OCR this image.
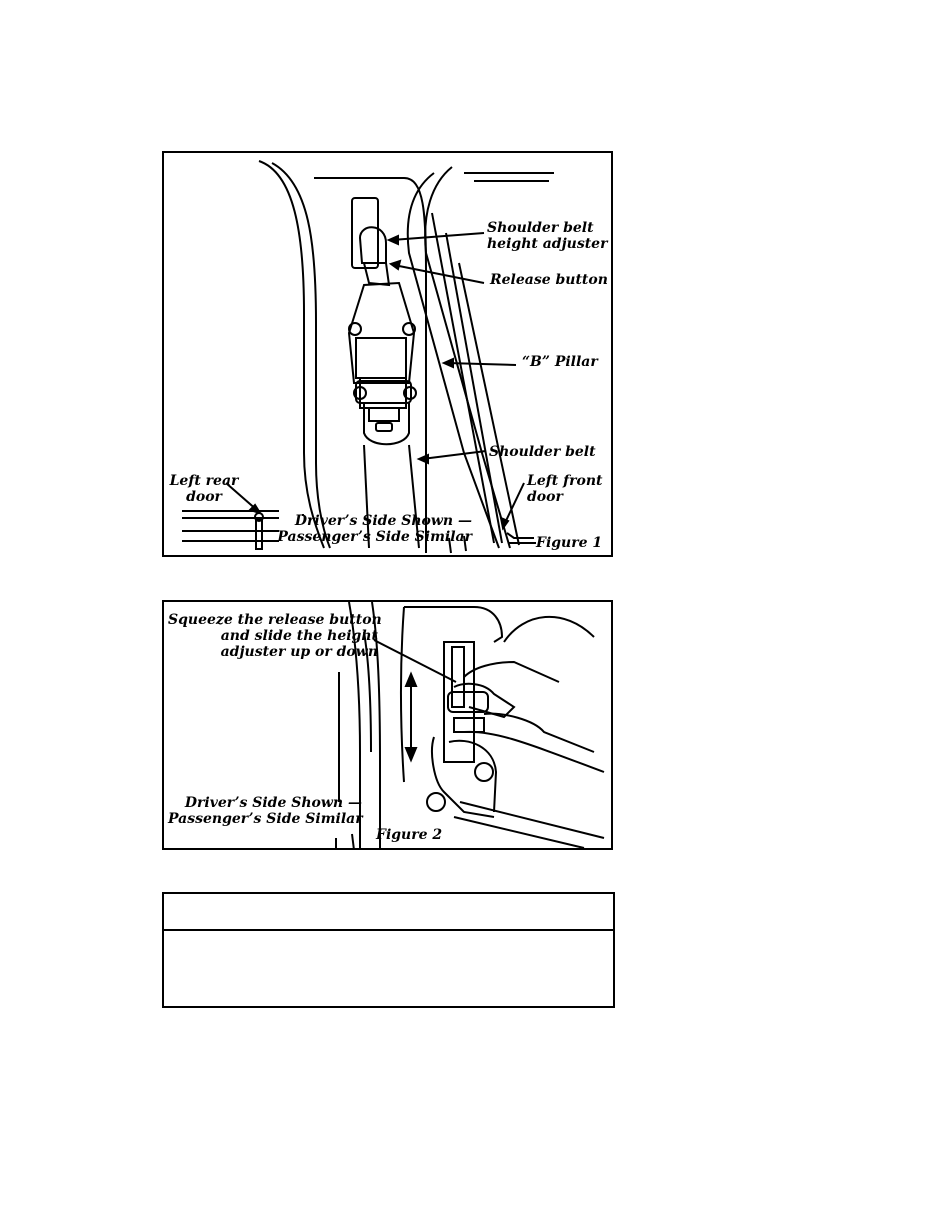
Shoulder belt
height adjuster
Release button
“B” Pillar
Shoulder belt
Left rear
door
Left front
door
Driver’s Side Shown —
Passenger’s Side Similar	Figure 1
Squeeze the release button
and slide the height
adjuster up or down
Driver’s Side Shown —
Passenger’s Side Similar
Figure 2
